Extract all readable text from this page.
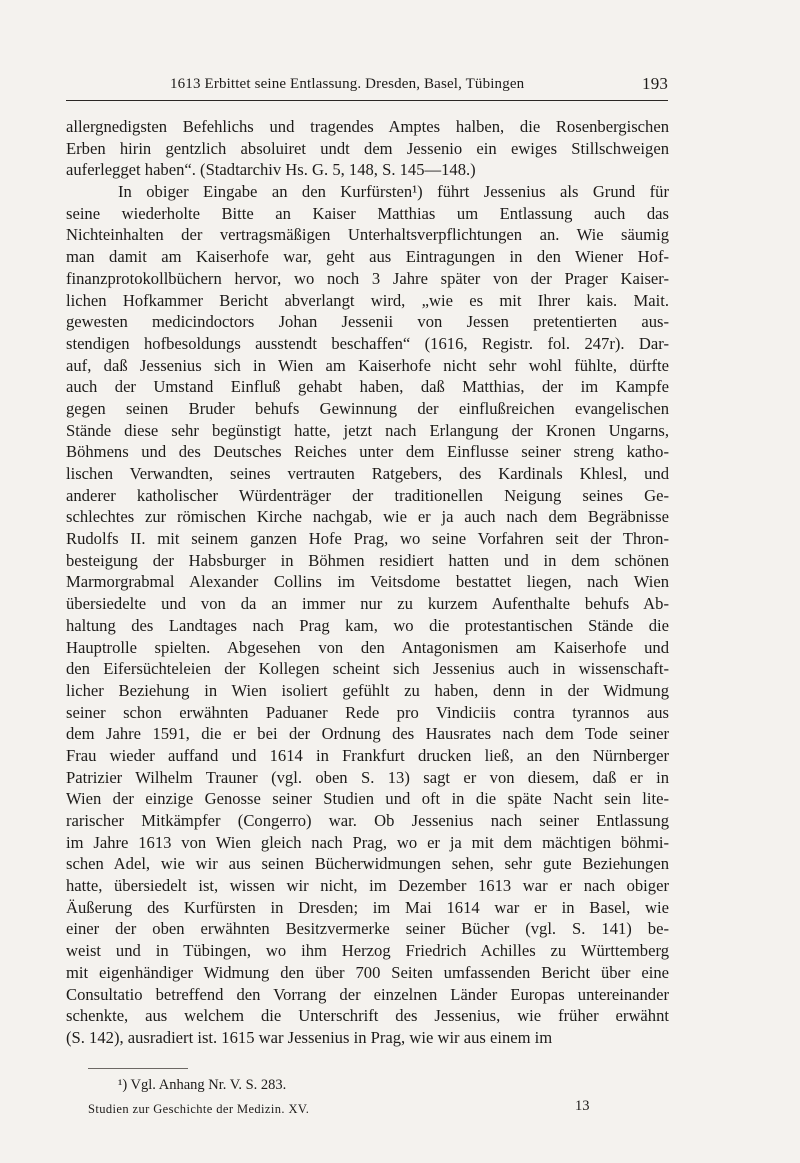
1613 Erbittet seine Entlassung. Dresden, Basel, Tübingen	193
allergnedigsten Befehlichs und tragendes Amptes halben, die Rosenbergischen
Erben hirin gentzlich absoluiret undt dem Jessenio ein ewiges Stillschweigen
auferlegget haben“. (Stadtarchiv Hs. G. 5, 148, S. 145—148.)
In obiger Eingabe an den Kurfürsten¹) führt Jessenius als Grund für
seine wiederholte Bitte an Kaiser Matthias um Entlassung auch das
Nichteinhalten der vertragsmäßigen Unterhaltsverpflichtungen an. Wie säumig
man damit am Kaiserhofe war, geht aus Eintragungen in den Wiener Hof-
finanzprotokollbüchern hervor, wo noch 3 Jahre später von der Prager Kaiser-
lichen Hofkammer Bericht abverlangt wird, „wie es mit Ihrer kais. Mait.
gewesten medicindoctors Johan Jessenii von Jessen pretentierten aus-
stendigen hofbesoldungs ausstendt beschaffen“ (1616, Registr. fol. 247r). Dar-
auf, daß Jessenius sich in Wien am Kaiserhofe nicht sehr wohl fühlte, dürfte
auch der Umstand Einfluß gehabt haben, daß Matthias, der im Kampfe
gegen seinen Bruder behufs Gewinnung der einflußreichen evangelischen
Stände diese sehr begünstigt hatte, jetzt nach Erlangung der Kronen Ungarns,
Böhmens und des Deutsches Reiches unter dem Einflusse seiner streng katho-
lischen Verwandten, seines vertrauten Ratgebers, des Kardinals Khlesl, und
anderer katholischer Würdenträger der traditionellen Neigung seines Ge-
schlechtes zur römischen Kirche nachgab, wie er ja auch nach dem Begräbnisse
Rudolfs II. mit seinem ganzen Hofe Prag, wo seine Vorfahren seit der Thron-
besteigung der Habsburger in Böhmen residiert hatten und in dem schönen
Marmorgrabmal Alexander Collins im Veitsdome bestattet liegen, nach Wien
übersiedelte und von da an immer nur zu kurzem Aufenthalte behufs Ab-
haltung des Landtages nach Prag kam, wo die protestantischen Stände die
Hauptrolle spielten. Abgesehen von den Antagonismen am Kaiserhofe und
den Eifersüchteleien der Kollegen scheint sich Jessenius auch in wissenschaft-
licher Beziehung in Wien isoliert gefühlt zu haben, denn in der Widmung
seiner schon erwähnten Paduaner Rede pro Vindiciis contra tyrannos aus
dem Jahre 1591, die er bei der Ordnung des Hausrates nach dem Tode seiner
Frau wieder auffand und 1614 in Frankfurt drucken ließ, an den Nürnberger
Patrizier Wilhelm Trauner (vgl. oben S. 13) sagt er von diesem, daß er in
Wien der einzige Genosse seiner Studien und oft in die späte Nacht sein lite-
rarischer Mitkämpfer (Congerro) war. Ob Jessenius nach seiner Entlassung
im Jahre 1613 von Wien gleich nach Prag, wo er ja mit dem mächtigen böhmi-
schen Adel, wie wir aus seinen Bücherwidmungen sehen, sehr gute Beziehungen
hatte, übersiedelt ist, wissen wir nicht, im Dezember 1613 war er nach obiger
Äußerung des Kurfürsten in Dresden; im Mai 1614 war er in Basel, wie
einer der oben erwähnten Besitzvermerke seiner Bücher (vgl. S. 141) be-
weist und in Tübingen, wo ihm Herzog Friedrich Achilles zu Württemberg
mit eigenhändiger Widmung den über 700 Seiten umfassenden Bericht über eine
Consultatio betreffend den Vorrang der einzelnen Länder Europas untereinander
schenkte, aus welchem die Unterschrift des Jessenius, wie früher erwähnt
(S. 142), ausradiert ist. 1615 war Jessenius in Prag, wie wir aus einem im
¹) Vgl. Anhang Nr. V. S. 283.
Studien zur Geschichte der Medizin. XV.	13
